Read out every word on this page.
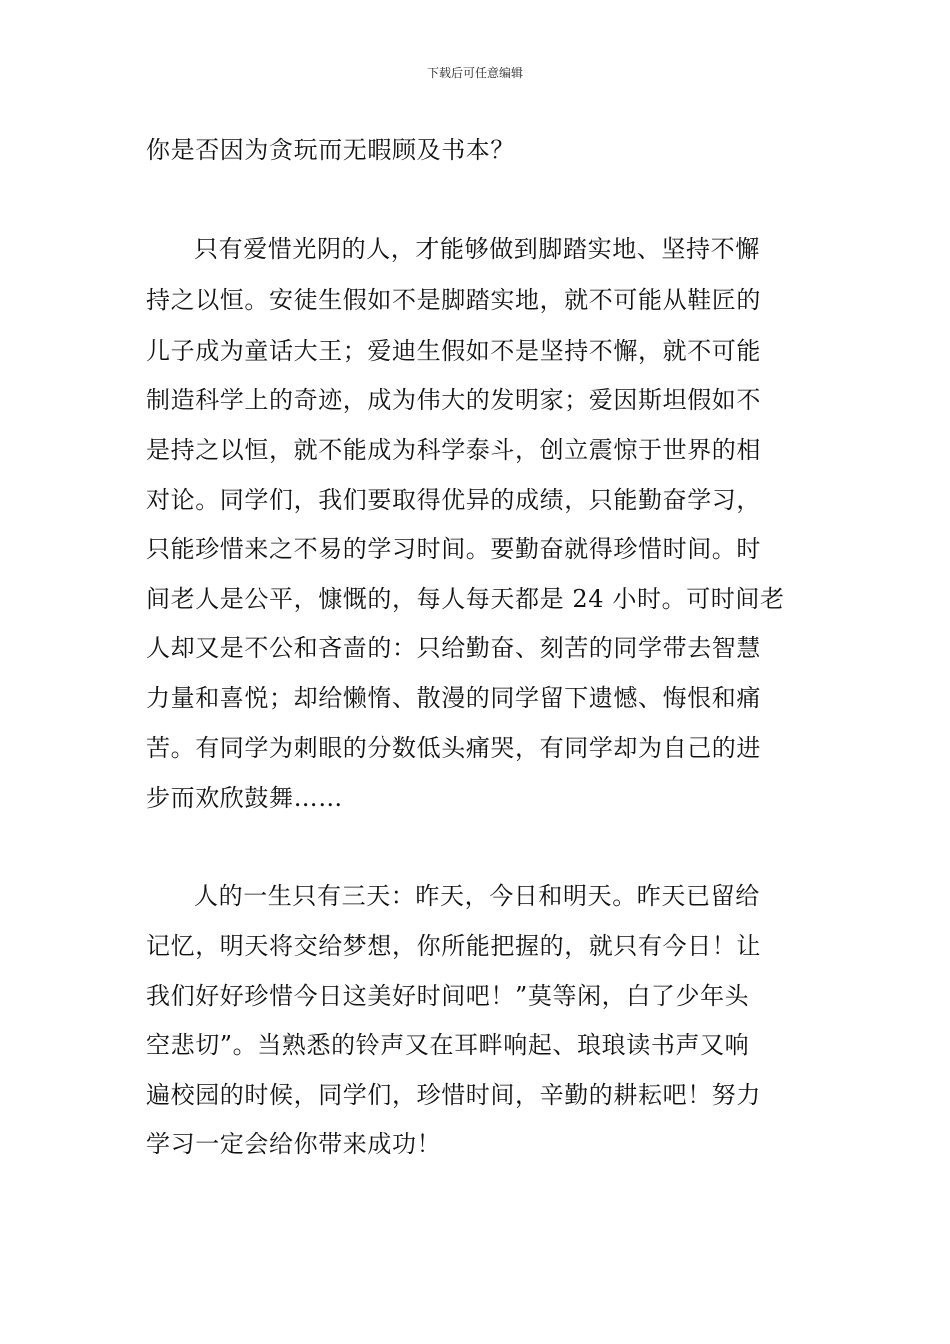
下载后可任意编辑
你是否因为贪玩而无暇顾及书本？
只有爱惜光阴的人，才能够做到脚踏实地、坚持不懈
持之以恒。安徒生假如不是脚踏实地，就不可能从鞋匠的
儿子成为童话大王；爱迪生假如不是坚持不懈，就不可能
制造科学上的奇迹，成为伟大的发明家；爱因斯坦假如不
是持之以恒，就不能成为科学泰斗，创立震惊于世界的相
对论。同学们，我们要取得优异的成绩，只能勤奋学习，
只能珍惜来之不易的学习时间。要勤奋就得珍惜时间。时
间老人是公平，慷慨的，每人每天都是 24 小时。可时间老
人却又是不公和吝啬的：只给勤奋、刻苦的同学带去智慧
力量和喜悦；却给懒惰、散漫的同学留下遗憾、悔恨和痛
苦。有同学为刺眼的分数低头痛哭，有同学却为自己的进
步而欢欣鼓舞……
人的一生只有三天：昨天，今日和明天。昨天已留给
记忆，明天将交给梦想，你所能把握的，就只有今日！让
我们好好珍惜今日这美好时间吧！”莫等闲，白了少年头
空悲切”。当熟悉的铃声又在耳畔响起、琅琅读书声又响
遍校园的时候，同学们，珍惜时间，辛勤的耕耘吧！努力
学习一定会给你带来成功！
